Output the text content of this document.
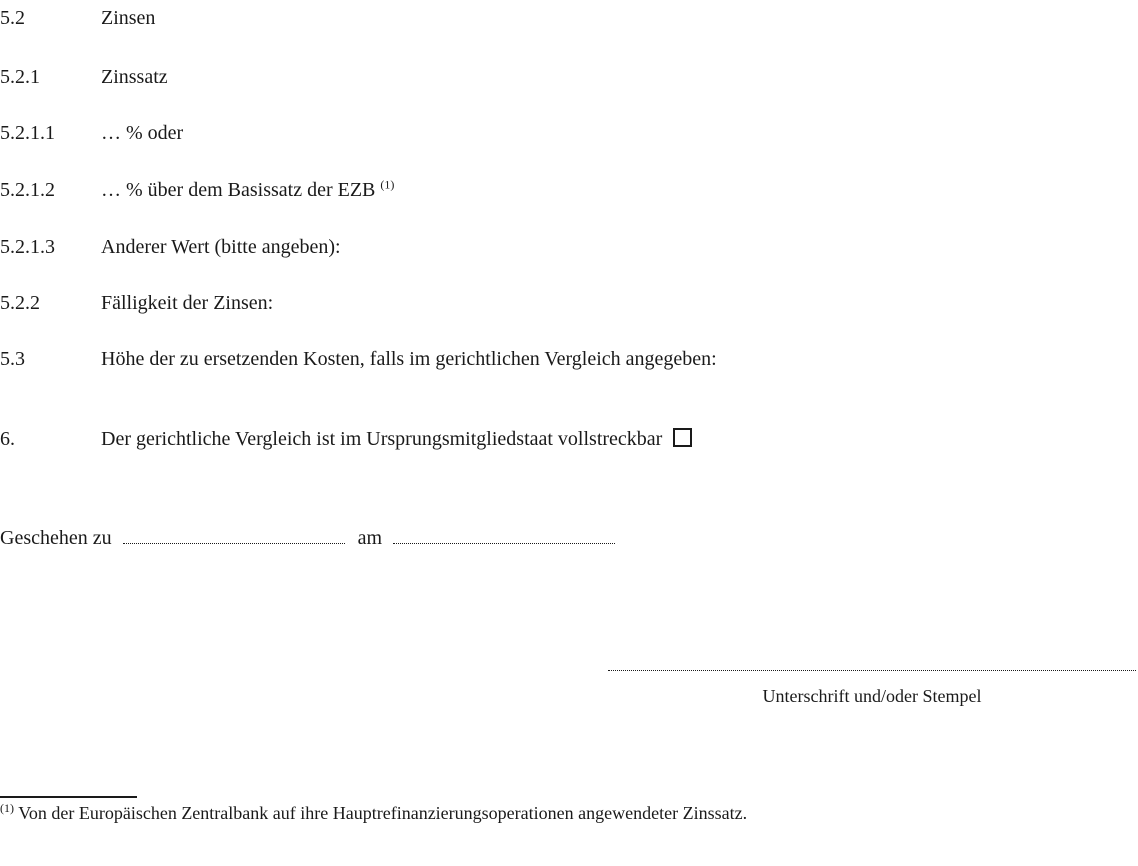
5.2	Zinsen
5.2.1	Zinssatz
5.2.1.1 … % oder
5.2.1.2 … % über dem Basissatz der EZB $^{(1)}$
5.2.1.3 Anderer Wert (bitte angeben):
5.2.2	Fälligkeit der Zinsen:
5.3	Höhe der zu ersetzenden Kosten, falls im gerichtlichen Vergleich angegeben:
6.	Der gerichtliche Vergleich ist im Ursprungsmitgliedstaat vollstreckbar
Geschehen zu	am
Unterschrift und/oder Stempel
$^{(1)}$ Von der Europäischen Zentralbank auf ihre Hauptrefinanzierungsoperationen angewendeter Zinssatz.
